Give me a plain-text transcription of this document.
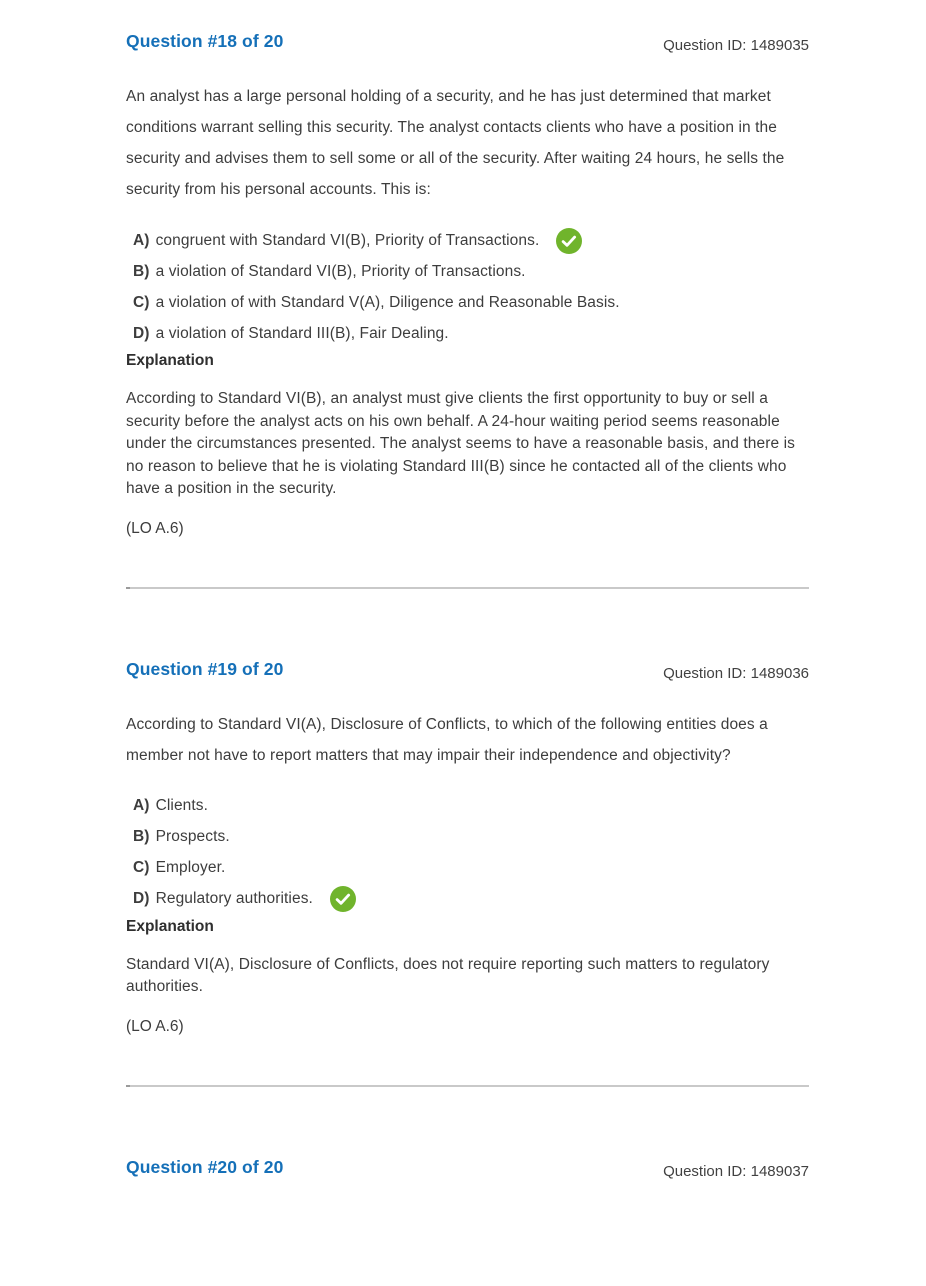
Question #18 of 20	Question ID: 1489035

An analyst has a large personal holding of a security, and he has just determined that market conditions warrant selling this security. The analyst contacts clients who have a position in the security and advises them to sell some or all of the security. After waiting 24 hours, he sells the security from his personal accounts. This is:

A) congruent with Standard VI(B), Priority of Transactions.
B) a violation of Standard VI(B), Priority of Transactions.
C) a violation of with Standard V(A), Diligence and Reasonable Basis.
D) a violation of Standard III(B), Fair Dealing.
Explanation

According to Standard VI(B), an analyst must give clients the first opportunity to buy or sell a security before the analyst acts on his own behalf. A 24-hour waiting period seems reasonable under the circumstances presented. The analyst seems to have a reasonable basis, and there is no reason to believe that he is violating Standard III(B) since he contacted all of the clients who have a position in the security.

(LO A.6)

Question #19 of 20	Question ID: 1489036

According to Standard VI(A), Disclosure of Conflicts, to which of the following entities does a member not have to report matters that may impair their independence and objectivity?

A) Clients.
B) Prospects.
C) Employer.
D) Regulatory authorities.
Explanation

Standard VI(A), Disclosure of Conflicts, does not require reporting such matters to regulatory authorities.

(LO A.6)

Question #20 of 20	Question ID: 1489037
